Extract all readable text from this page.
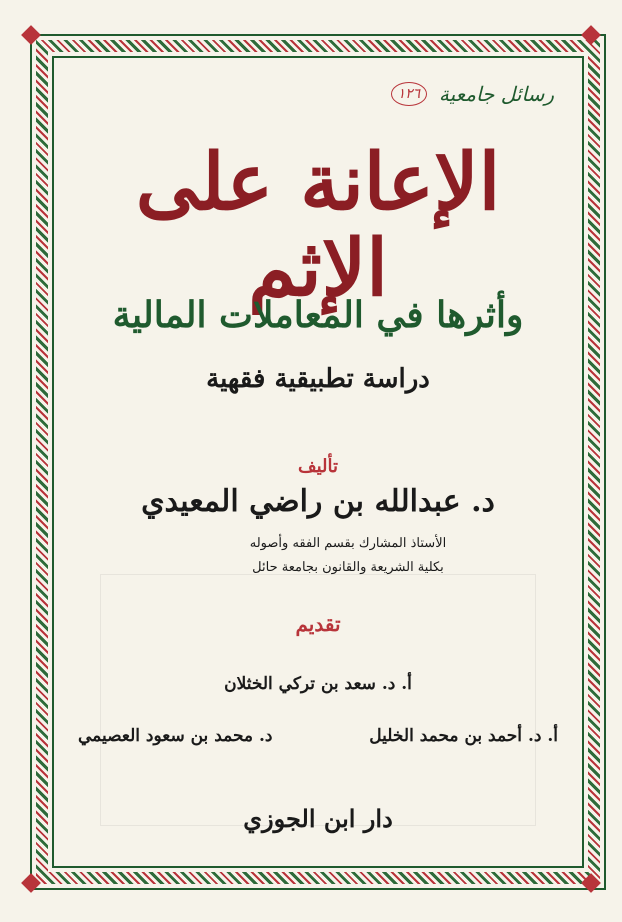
رسائل جامعية
١٢٦
الإعانة على الإثم
وأثرها في المعاملات المالية
دراسة تطبيقية فقهية
تأليف
د. عبدالله بن راضي المعيدي
الأستاذ المشارك بقسم الفقه وأصوله
بكلية الشريعة والقانون بجامعة حائل
تقديم
أ. د. سعد بن تركي الخثلان
أ. د. أحمد بن محمد الخليل
د. محمد بن سعود العصيمي
دار ابن الجوزي
